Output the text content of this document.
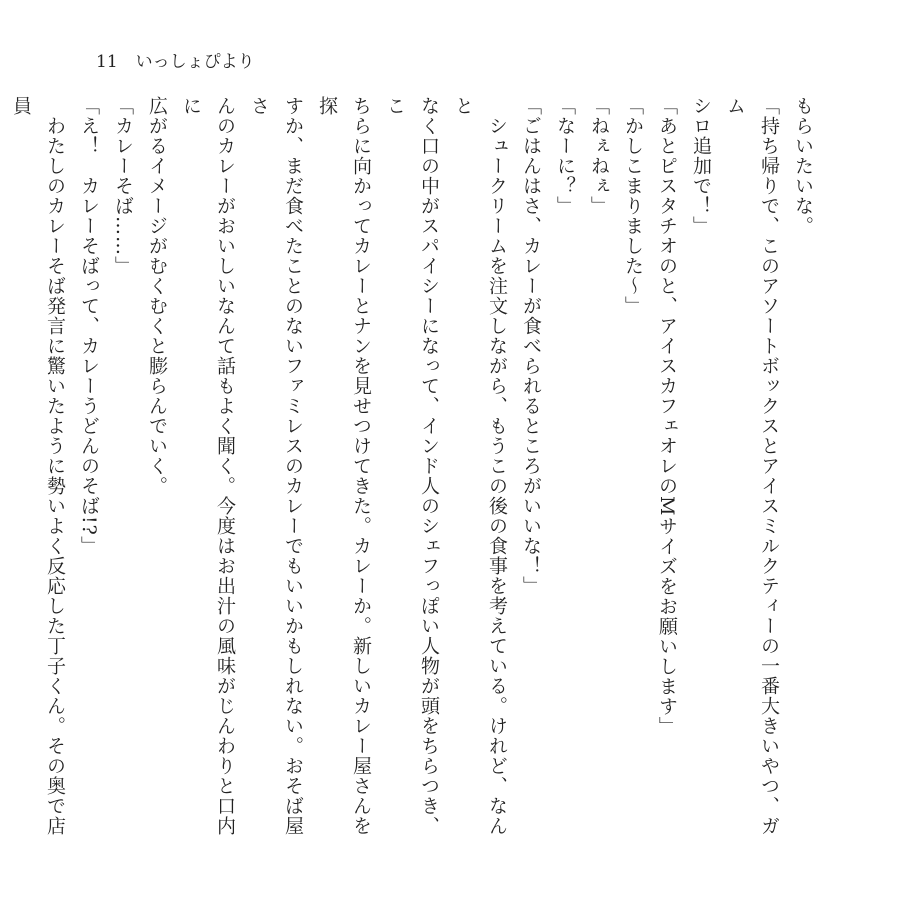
11 いっしょぴより

もらいたいな。

「持ち帰りで、このアソートボックスとアイスミルクティーの一番大きいやつ、ガム
シロ追加で！」

「あとピスタチオのと、アイスカフェオレのMサイズをお願いします」

「かしこまりました〜」

「ねぇねぇ」

「なーに？」

「ごはんはさ、カレーが食べられるところがいいな！」

　シュークリームを注文しながら、もうこの後の食事を考えている。けれど、なんと
なく口の中がスパイシーになって、インド人のシェフっぽい人物が頭をちらつき、こ
ちらに向かってカレーとナンを見せつけてきた。カレーか。新しいカレー屋さんを探
すか、まだ食べたことのないファミレスのカレーでもいいかもしれない。おそば屋さ
んのカレーがおいしいなんて話もよく聞く。今度はお出汁の風味がじんわりと口内に
広がるイメージがむくむくと膨らんでいく。

「カレーそば……」

「え！　カレーそばって、カレーうどんのそば!?」

　わたしのカレーそば発言に驚いたように勢いよく反応した丁子くん。その奥で店員
